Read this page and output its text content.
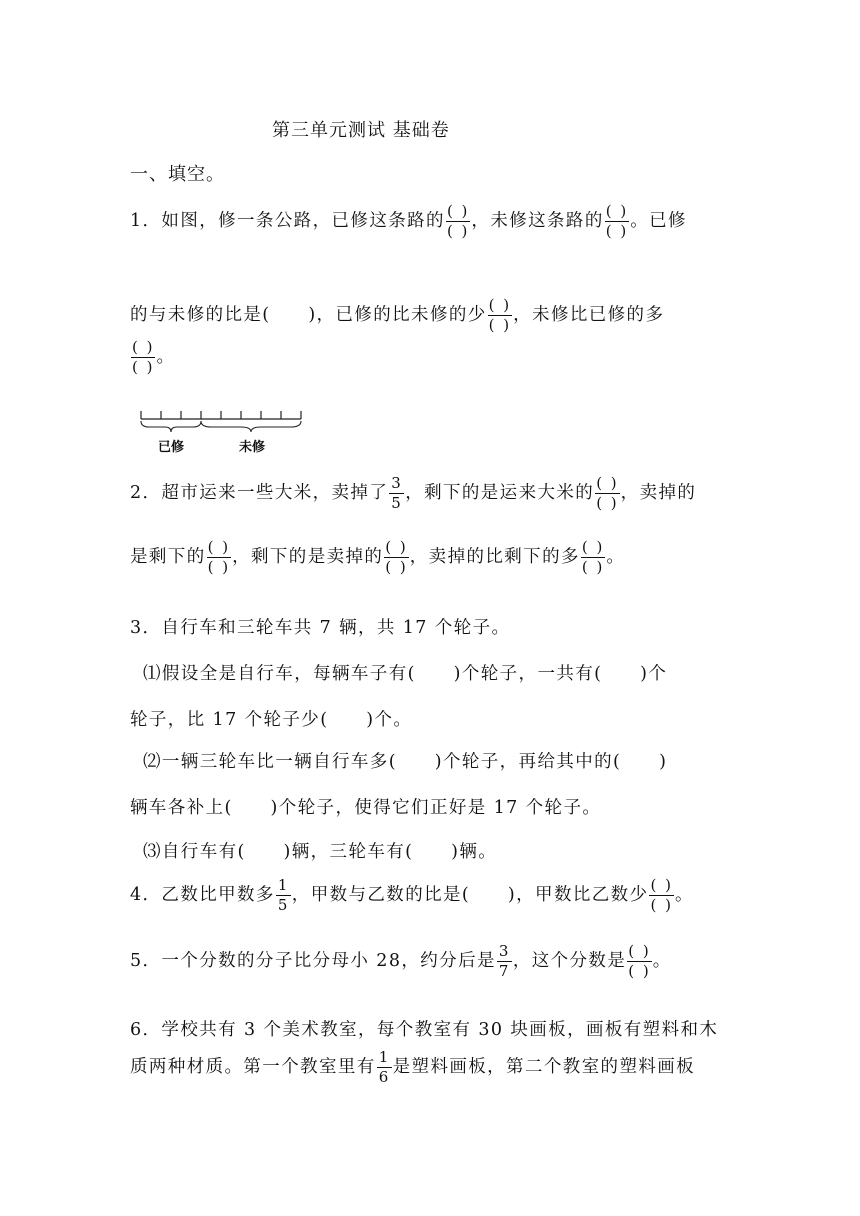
第三单元测试 基础卷
一、填空。
1．如图，修一条公路，已修这条路的 $\frac{( )}{( )}$ ，未修这条路的 $\frac{( )}{( )}$ 。已修
的与未修的比是(　　)，已修的比未修的少 $\frac{( )}{( )}$ ，未修比已修的多
$\frac{( )}{( )}$ 。
已修	未修
2．超市运来一些大米，卖掉了 $\frac{3}{5}$ ，剩下的是运来大米的 $\frac{( )}{( )}$ ，卖掉的
是剩下的 $\frac{( )}{( )}$ ，剩下的是卖掉的 $\frac{( )}{( )}$ ，卖掉的比剩下的多 $\frac{( )}{( )}$ 。
3．自行车和三轮车共 7 辆，共 17 个轮子。
⑴假设全是自行车，每辆车子有(　　)个轮子，一共有(　　)个
轮子，比 17 个轮子少(　　)个。
⑵一辆三轮车比一辆自行车多(　　)个轮子，再给其中的(　　)
辆车各补上(　　)个轮子，使得它们正好是 17 个轮子。
⑶自行车有(　　)辆，三轮车有(　　)辆。
4．乙数比甲数多 $\frac{1}{5}$ ，甲数与乙数的比是(　　)，甲数比乙数少 $\frac{( )}{( )}$ 。
5．一个分数的分子比分母小 28，约分后是 $\frac{3}{7}$ ，这个分数是 $\frac{( )}{( )}$ 。
6．学校共有 3 个美术教室，每个教室有 30 块画板，画板有塑料和木
质两种材质。第一个教室里有 $\frac{1}{6}$ 是塑料画板，第二个教室的塑料画板
